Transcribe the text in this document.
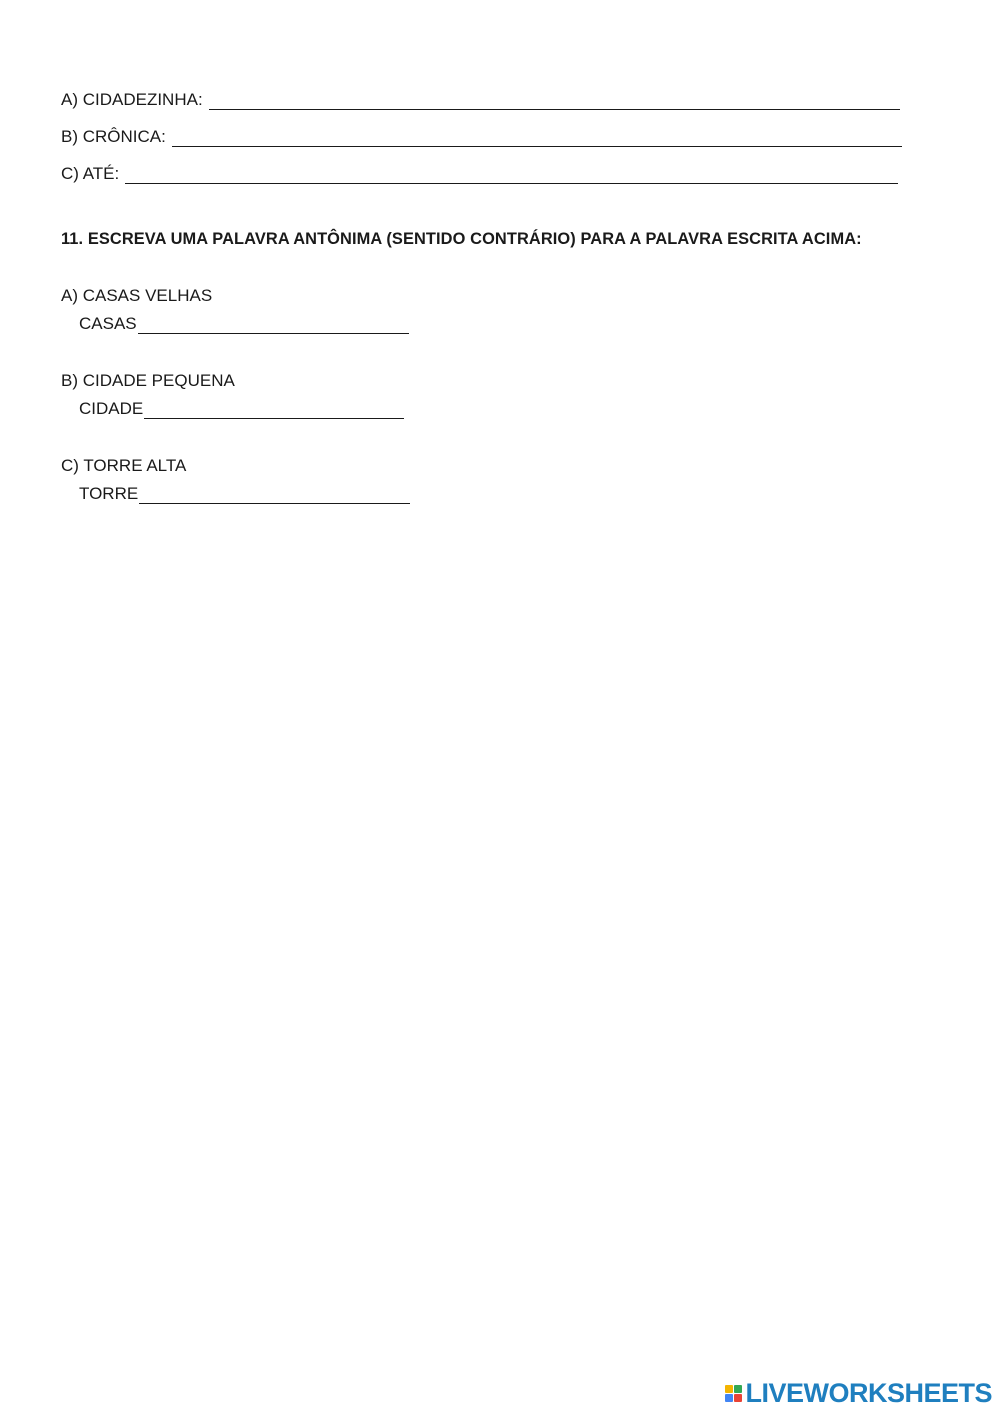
A) CIDADEZINHA:
B) CRÔNICA:
C) ATÉ:
11. ESCREVA UMA PALAVRA ANTÔNIMA (SENTIDO CONTRÁRIO) PARA A PALAVRA ESCRITA ACIMA:
A) CASAS VELHAS
CASAS
B) CIDADE PEQUENA
CIDADE
C) TORRE ALTA
TORRE
LIVEWORKSHEETS
